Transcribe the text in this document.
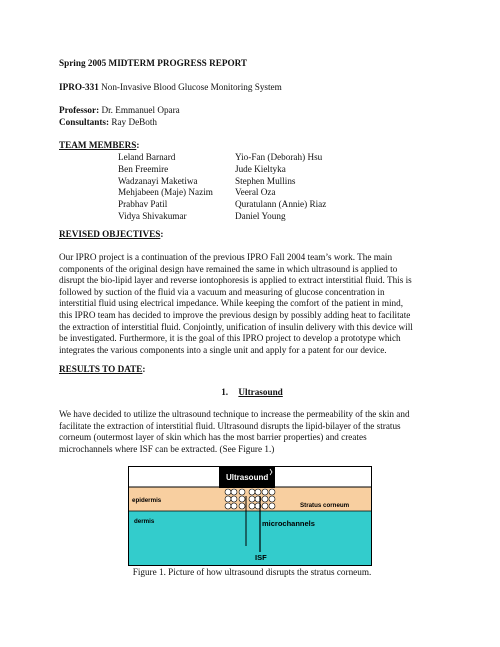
Spring 2005 MIDTERM PROGRESS REPORT
IPRO-331 Non-Invasive Blood Glucose Monitoring System
Professor: Dr. Emmanuel Opara
Consultants: Ray DeBoth
TEAM MEMBERS:
Leland Barnard
Ben Freemire
Wadzanayi Maketiwa
Mehjabeen (Maje) Nazim
Prabhav Patil
Vidya Shivakumar
Yio-Fan (Deborah) Hsu
Jude Kieltyka
Stephen Mullins
Veeral Oza
Quratulann (Annie) Riaz
Daniel Young
REVISED OBJECTIVES:
Our IPRO project is a continuation of the previous IPRO Fall 2004 team’s work. The main
components of the original design have remained the same in which ultrasound is applied to
disrupt the bio-lipid layer and reverse iontophoresis is applied to extract interstitial fluid. This is
followed by suction of the fluid via a vacuum and measuring of glucose concentration in
interstitial fluid using electrical impedance. While keeping the comfort of the patient in mind,
this IPRO team has decided to improve the previous design by possibly adding heat to facilitate
the extraction of interstitial fluid. Conjointly, unification of insulin delivery with this device will
be investigated. Furthermore, it is the goal of this IPRO project to develop a prototype which
integrates the various components into a single unit and apply for a patent for our device.
RESULTS TO DATE:
1. Ultrasound
We have decided to utilize the ultrasound technique to increase the permeability of the skin and
facilitate the extraction of interstitial fluid. Ultrasound disrupts the lipid-bilayer of the stratus
corneum (outermost layer of skin which has the most barrier properties) and creates
microchannels where ISF can be extracted. (See Figure 1.)
Ultrasound
epidermis
Stratus corneum
dermis	microchannels
ISF
Figure 1. Picture of how ultrasound disrupts the stratus corneum.
